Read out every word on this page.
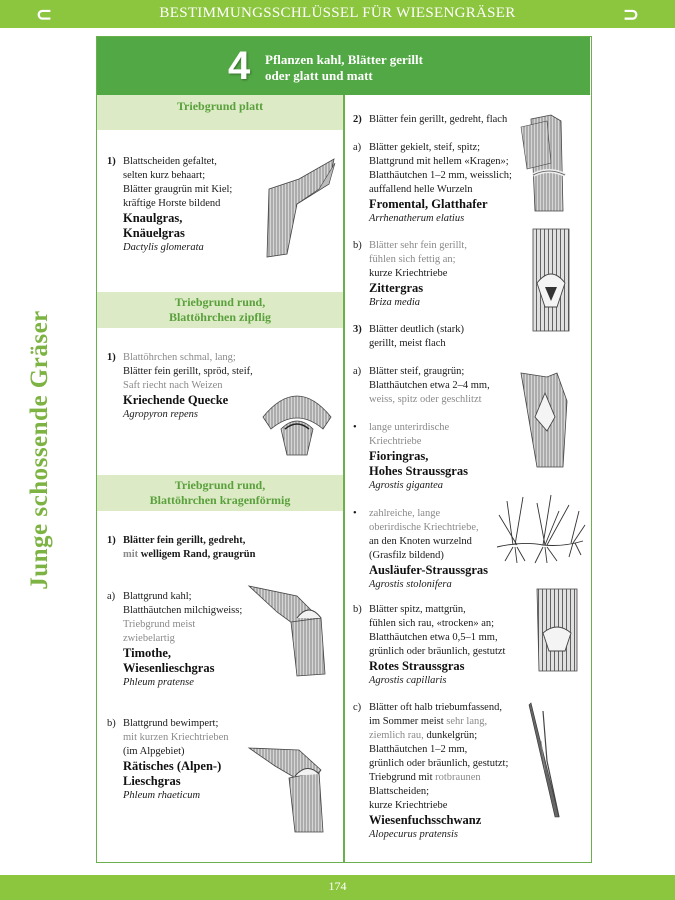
⊂	BESTIMMUNGSSCHLÜSSEL FÜR WIESENGRÄSER	⊃
Junge schossende Gräser
4 Pflanzen kahl, Blätter gerillt
oder glatt und matt
Triebgrund platt
1) Blattscheiden gefaltet,
selten kurz behaart;
Blätter graugrün mit Kiel;
kräftige Horste bildend
Knaulgras,
Knäuelgras
Dactylis glomerata
Triebgrund rund,
Blattöhrchen zipflig
1) Blattöhrchen schmal, lang;
Blätter fein gerillt, spröd, steif,
Saft riecht nach Weizen
Kriechende Quecke
Agropyron repens
Triebgrund rund,
Blattöhrchen kragenförmig
1) Blätter fein gerillt, gedreht,
mit welligem Rand, graugrün
a) Blattgrund kahl;
Blatthäutchen milchigweiss;
Triebgrund meist
zwiebelartig
Timothe,
Wiesenlieschgras
Phleum pratense
b) Blattgrund bewimpert;
mit kurzen Kriechtrieben
(im Alpgebiet)
Rätisches (Alpen-)
Lieschgras
Phleum rhaeticum
2) Blätter fein gerillt, gedreht, flach
a) Blätter gekielt, steif, spitz;
Blattgrund mit hellem «Kragen»;
Blatthäutchen 1–2 mm, weisslich;
auffallend helle Wurzeln
Fromental, Glatthafer
Arrhenatherum elatius
b) Blätter sehr fein gerillt,
fühlen sich fettig an;
kurze Kriechtriebe
Zittergras
Briza media
3) Blätter deutlich (stark)
gerillt, meist flach
a) Blätter steif, graugrün;
Blatthäutchen etwa 2–4 mm,
weiss, spitz oder geschlitzt
• lange unterirdische
Kriechtriebe
Fioringras,
Hohes Straussgras
Agrostis gigantea
• zahlreiche, lange
oberirdische Kriechtriebe,
an den Knoten wurzelnd
(Grasfilz bildend)
Ausläufer-Straussgras
Agrostis stolonifera
b) Blätter spitz, mattgrün,
fühlen sich rau, «trocken» an;
Blatthäutchen etwa 0,5–1 mm,
grünlich oder bräunlich, gestutzt
Rotes Straussgras
Agrostis capillaris
c) Blätter oft halb triebumfassend,
im Sommer meist sehr lang,
ziemlich rau, dunkelgrün;
Blatthäutchen 1–2 mm,
grünlich oder bräunlich, gestutzt;
Triebgrund mit rotbraunen
Blattscheiden;
kurze Kriechtriebe
Wiesenfuchsschwanz
Alopecurus pratensis
174
